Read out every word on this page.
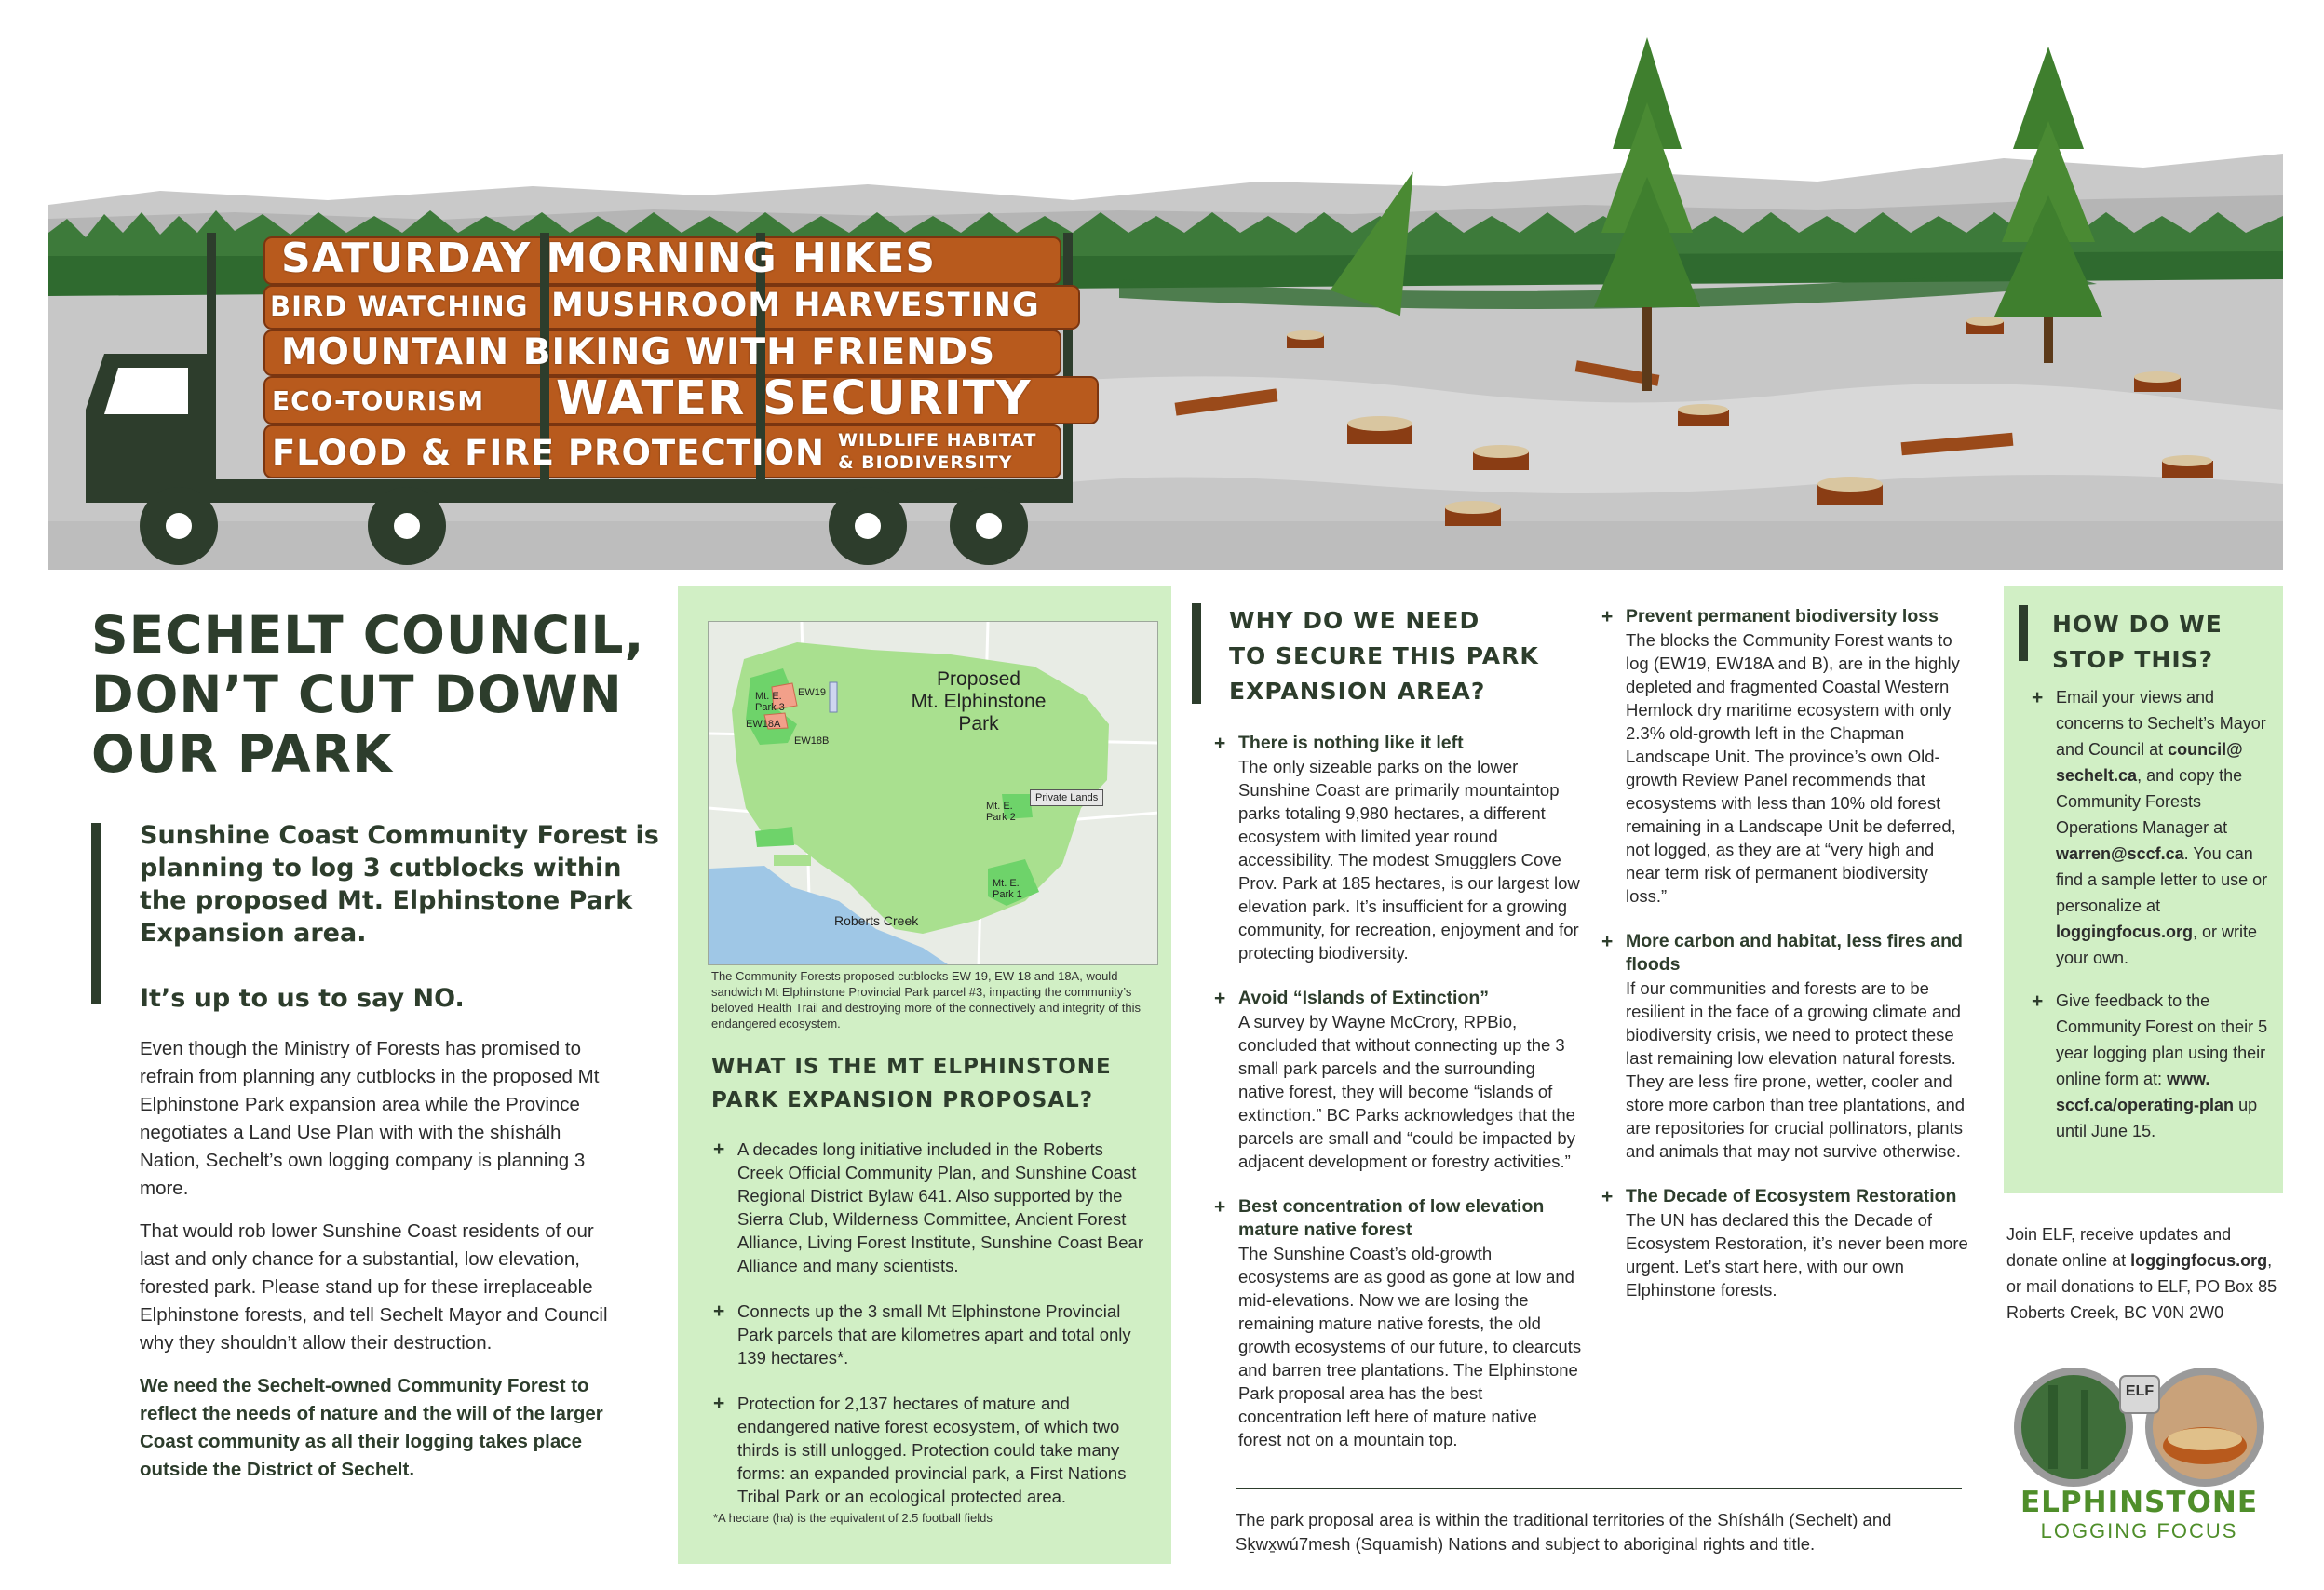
SATURDAY MORNING HIKES
BIRD WATCHING MUSHROOM HARVESTING
MOUNTAIN BIKING WITH FRIENDS
ECO-TOURISM WATER SECURITY
FLOOD & FIRE PROTECTION WILDLIFE HABITAT
& BIODIVERSITY
SECHELT COUNCIL,
DON’T CUT DOWN
OUR PARK

Sunshine Coast Community Forest is planning to log 3 cutblocks within the proposed Mt. Elphinstone Park Expansion area.

It’s up to us to say NO.

Even though the Ministry of Forests has promised to refrain from planning any cutblocks in the proposed Mt Elphinstone Park expansion area while the Province negotiates a Land Use Plan with with the shíshálh Nation, Sechelt’s own logging company is planning 3 more.

That would rob lower Sunshine Coast residents of our last and only chance for a substantial, low elevation, forested park. Please stand up for these irreplaceable Elphinstone forests, and tell Sechelt Mayor and Council why they shouldn’t allow their destruction.

We need the Sechelt-owned Community Forest to reflect the needs of nature and the will of the larger Coast community as all their logging takes place outside the District of Sechelt.

Proposed
Mt. Elphinstone
Park
EW19
Mt. E. Park 3
EW18A
EW18B
Private Lands
Mt. E. Park 2
Mt. E. Park 1
Roberts Creek

The Community Forests proposed cutblocks EW 19, EW 18 and 18A, would sandwich Mt Elphinstone Provincial Park parcel #3, impacting the community’s beloved Health Trail and destroying more of the connectively and integrity of this endangered ecosystem.

WHAT IS THE MT ELPHINSTONE
PARK EXPANSION PROPOSAL?
+ A decades long initiative included in the Roberts Creek Official Community Plan, and Sunshine Coast Regional District Bylaw 641. Also supported by the Sierra Club, Wilderness Committee, Ancient Forest Alliance, Living Forest Institute, Sunshine Coast Bear Alliance and many scientists.
+ Connects up the 3 small Mt Elphinstone Provincial Park parcels that are kilometres apart and total only 139 hectares*.
+ Protection for 2,137 hectares of mature and endangered native forest ecosystem, of which two thirds is still unlogged. Protection could take many forms: an expanded provincial park, a First Nations Tribal Park or an ecological protected area.

*A hectare (ha) is the equivalent of 2.5 football fields

WHY DO WE NEED
TO SECURE THIS PARK
EXPANSION AREA?
+ There is nothing like it left
The only sizeable parks on the lower Sunshine Coast are primarily mountaintop parks totaling 9,980 hectares, a different ecosystem with limited year round accessibility. The modest Smugglers Cove Prov. Park at 185 hectares, is our largest low elevation park. It’s insufficient for a growing community, for recreation, enjoyment and for protecting biodiversity.
+ Avoid “Islands of Extinction”
A survey by Wayne McCrory, RPBio, concluded that without connecting up the 3 small park parcels and the surrounding native forest, they will become “islands of extinction.” BC Parks acknowledges that the parcels are small and “could be impacted by adjacent development or forestry activities.”
+ Best concentration of low elevation mature native forest
The Sunshine Coast’s old-growth ecosystems are as good as gone at low and mid-elevations. Now we are losing the remaining mature native forests, the old growth ecosystems of our future, to clearcuts and barren tree plantations. The Elphinstone Park proposal area has the best concentration left here of mature native forest not on a mountain top.

The park proposal area is within the traditional territories of the Shíshálh (Sechelt) and Sḵwx̱wú7mesh (Squamish) Nations and subject to aboriginal rights and title.

+ Prevent permanent biodiversity loss
The blocks the Community Forest wants to log (EW19, EW18A and B), are in the highly depleted and fragmented Coastal Western Hemlock dry maritime ecosystem with only 2.3% old-growth left in the Chapman Landscape Unit. The province’s own Old-growth Review Panel recommends that ecosystems with less than 10% old forest remaining in a Landscape Unit be deferred, not logged, as they are at “very high and near term risk of permanent biodiversity loss.”
+ More carbon and habitat, less fires and floods
If our communities and forests are to be resilient in the face of a growing climate and biodiversity crisis, we need to protect these last remaining low elevation natural forests. They are less fire prone, wetter, cooler and store more carbon than tree plantations, and are repositories for crucial pollinators, plants and animals that may not survive otherwise.
+ The Decade of Ecosystem Restoration
The UN has declared this the Decade of Ecosystem Restoration, it’s never been more urgent. Let’s start here, with our own Elphinstone forests.
HOW DO WE
STOP THIS?
+ Email your views and concerns to Sechelt’s Mayor and Council at council@ sechelt.ca, and copy the Community Forests Operations Manager at warren@sccf.ca. You can find a sample letter to use or personalize at loggingfocus.org, or write your own.
+ Give feedback to the Community Forest on their 5 year logging plan using their online form at: www. sccf.ca/operating-plan up until June 15.

Join ELF, receive updates and donate online at loggingfocus.org, or mail donations to ELF, PO Box 85 Roberts Creek, BC V0N 2W0

ELF
ELPHINSTONE
LOGGING FOCUS
